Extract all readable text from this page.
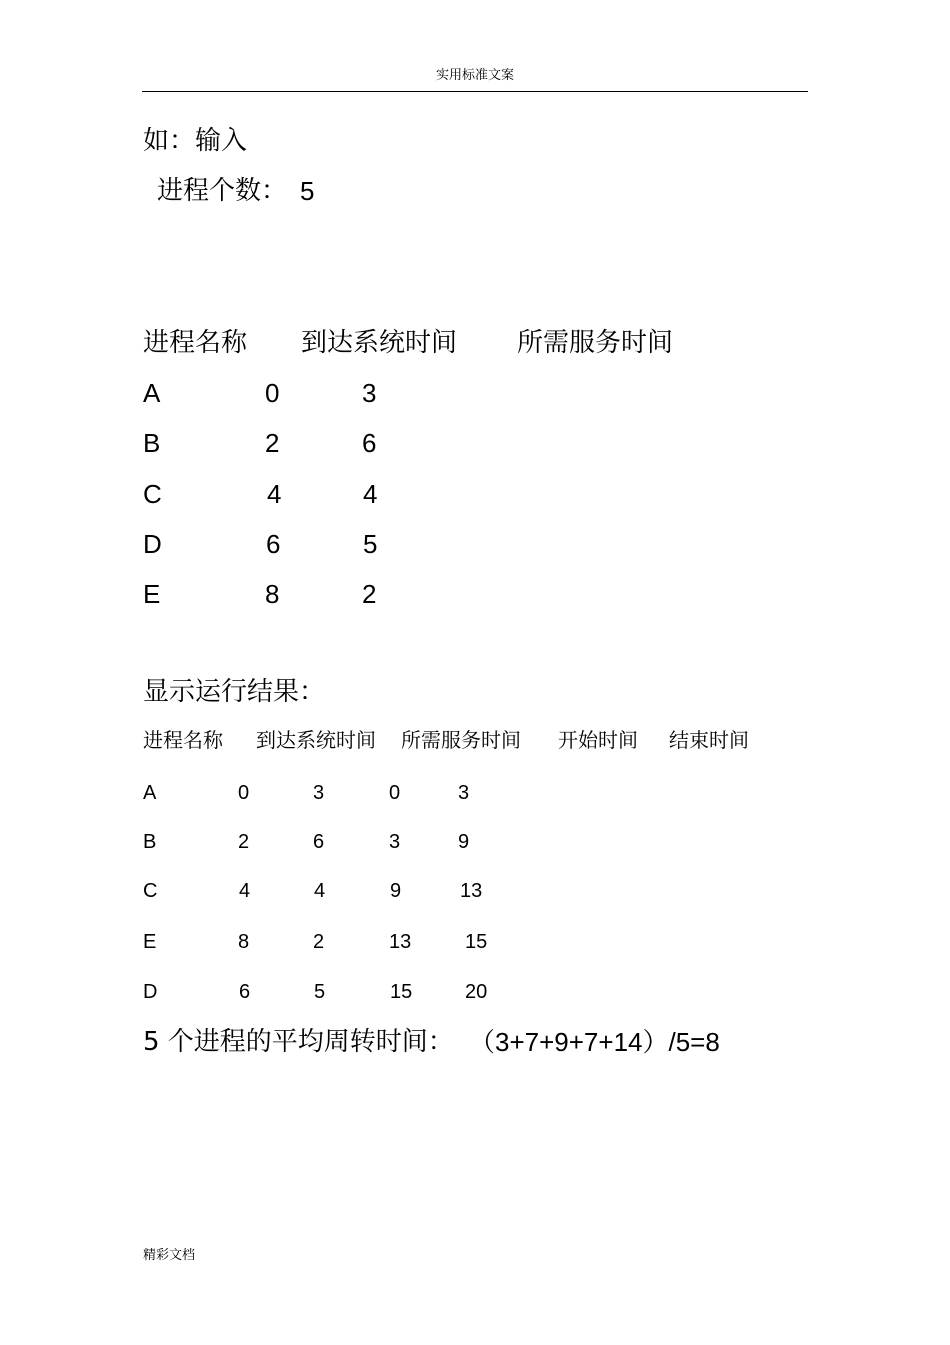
实用标准文案
如：输入
进程个数： 5
进程名称 到达系统时间 所需服务时间
A	0	3
B	2	6
C	4	4
D	6	5
E	8	2
显示运行结果：
进程名称 到达系统时间 所需服务时间 开始时间 结束时间
A	0	3	0	3
B	2	6	3	9
C	4	4	9	13
E	8	2	13	15
D	6	5	15	20
5 个进程的平均周转时间： （3+7+9+7+14）/5=8
精彩文档
